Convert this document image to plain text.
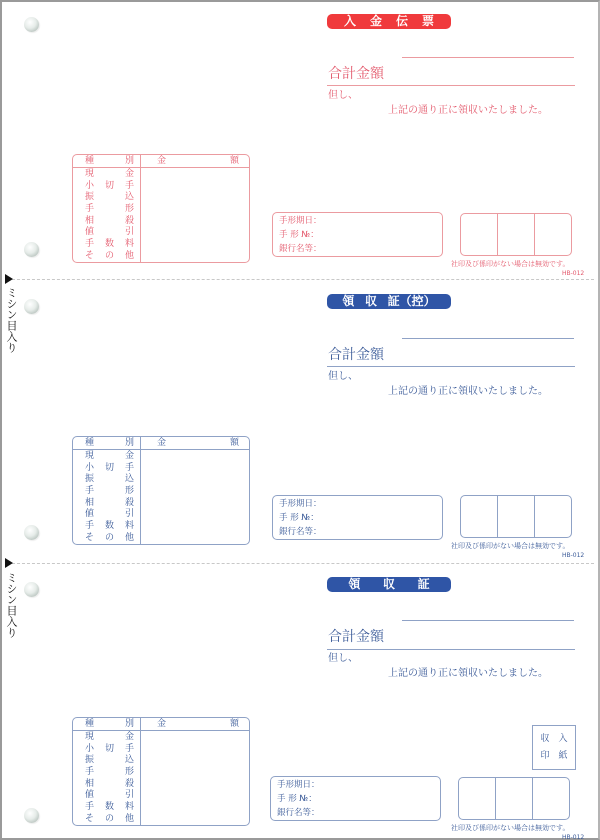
入 金 伝 票
合計金額
但し、
上記の通り正に領収いたしました。
種	別	金	額
現	金
小 切 手
振	込
手	形
相	殺
値	引
手 数 料
そ の 他
手形期日：
手 形 №：
銀行名等：
社印及び係印がない場合は無効です。
HB-012
ミシン目入り	領 収 証（控）
合計金額
但し、
上記の通り正に領収いたしました。
種	別	金	額
現	金
小 切 手
振	込
手	形
相	殺
値	引
手 数 料
そ の 他
手形期日：
手 形 №：
銀行名等：
社印及び係印がない場合は無効です。
HB-012
ミシン目入り	領 収 証
合計金額
但し、
上記の通り正に領収いたしました。
種	別	金	額
現	金
小 切 手
振	込
手	形
相	殺
値	引
手 数 料
そ の 他
収 入
印 紙
手形期日：
手 形 №：
銀行名等：
社印及び係印がない場合は無効です。
HB-012
